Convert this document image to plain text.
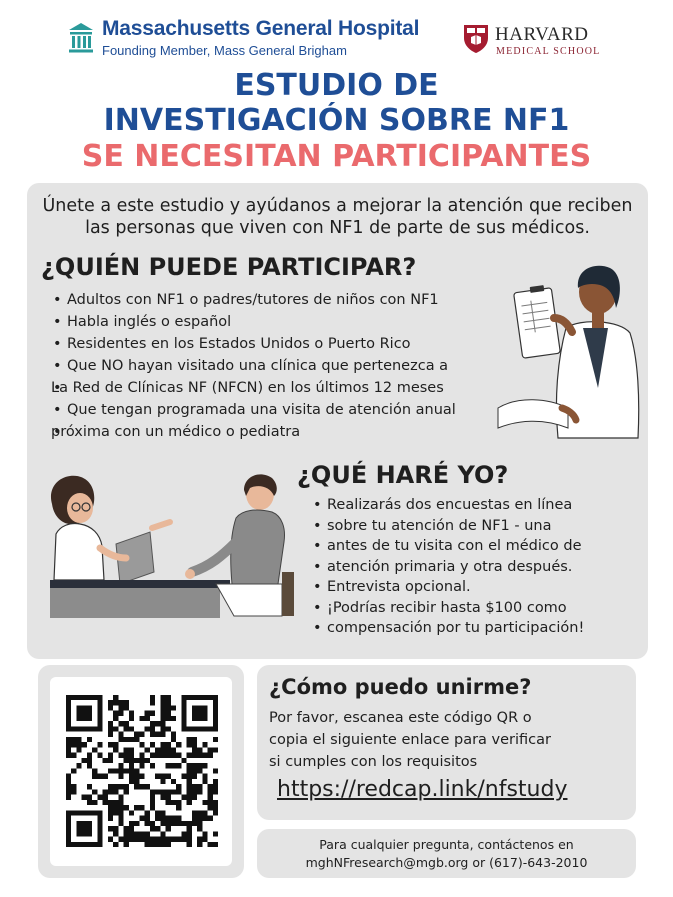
Massachusetts General Hospital
Founding Member, Mass General Brigham
HARVARD
MEDICAL SCHOOL
ESTUDIO DE
INVESTIGACIÓN SOBRE NF1
SE NECESITAN PARTICIPANTES
Únete a este estudio y ayúdanos a mejorar la atención que reciben
las personas que viven con NF1 de parte de sus médicos.
¿QUIÉN PUEDE PARTICIPAR?
• Adultos con NF1 o padres/tutores de niños con NF1
• Habla inglés o español
• Residentes en los Estados Unidos o Puerto Rico
• Que NO hayan visitado una clínica que pertenezca a
• La Red de Clínicas NF (NFCN) en los últimos 12 meses
• Que tengan programada una visita de atención anual
• próxima con un médico o pediatra
¿QUÉ HARÉ YO?
• Realizarás dos encuestas en línea
• sobre tu atención de NF1 - una
• antes de tu visita con el médico de
• atención primaria y otra después.
• Entrevista opcional.
• ¡Podrías recibir hasta $100 como
• compensación por tu participación!
¿Cómo puedo unirme?
Por favor, escanea este código QR o
copia el siguiente enlace para verificar
si cumples con los requisitos
https://redcap.link/nfstudy
Para cualquier pregunta, contáctenos en
mghNFresearch@mgb.org or (617)-643-2010
